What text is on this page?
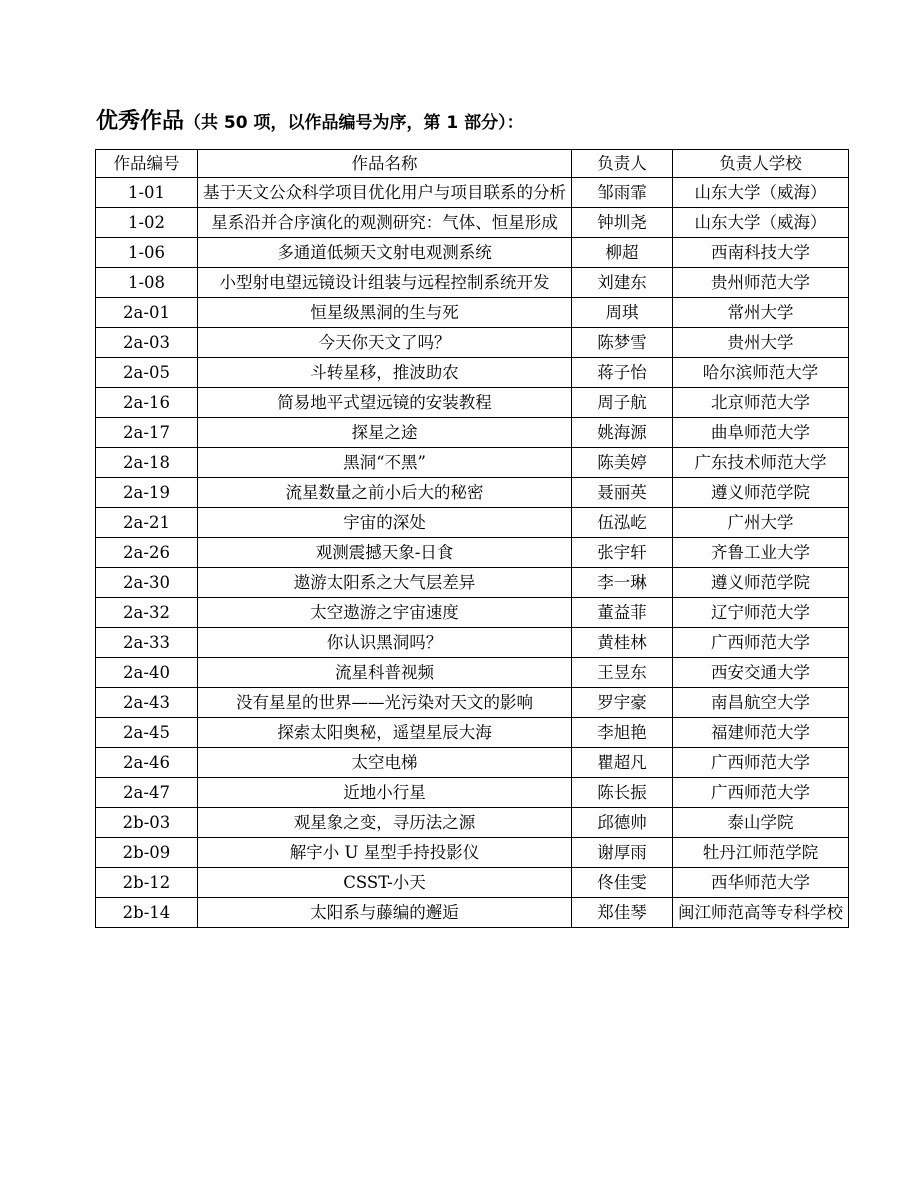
优秀作品（共 50 项，以作品编号为序，第 1 部分）：
作品编号	作品名称	负责人	负责人学校
1-01	基于天文公众科学项目优化用户与项目联系的分析	邹雨霏	山东大学（威海）
1-02	星系沿并合序演化的观测研究：气体、恒星形成	钟圳尧	山东大学（威海）
1-06	多通道低频天文射电观测系统	柳超	西南科技大学
1-08	小型射电望远镜设计组装与远程控制系统开发	刘建东	贵州师范大学
2a-01	恒星级黑洞的生与死	周琪	常州大学
2a-03	今天你天文了吗？	陈梦雪	贵州大学
2a-05	斗转星移，推波助农	蒋子怡	哈尔滨师范大学
2a-16	简易地平式望远镜的安装教程	周子航	北京师范大学
2a-17	探星之途	姚海源	曲阜师范大学
2a-18	黑洞“不黑”	陈美婷	广东技术师范大学
2a-19	流星数量之前小后大的秘密	聂丽英	遵义师范学院
2a-21	宇宙的深处	伍泓屹	广州大学
2a-26	观测震撼天象-日食	张宇轩	齐鲁工业大学
2a-30	遨游太阳系之大气层差异	李一琳	遵义师范学院
2a-32	太空遨游之宇宙速度	董益菲	辽宁师范大学
2a-33	你认识黑洞吗？	黄桂林	广西师范大学
2a-40	流星科普视频	王昱东	西安交通大学
2a-43	没有星星的世界——光污染对天文的影响	罗宇豪	南昌航空大学
2a-45	探索太阳奥秘，遥望星辰大海	李旭艳	福建师范大学
2a-46	太空电梯	瞿超凡	广西师范大学
2a-47	近地小行星	陈长振	广西师范大学
2b-03	观星象之变，寻历法之源	邱德帅	泰山学院
2b-09	解宇小 U 星型手持投影仪	谢厚雨	牡丹江师范学院
2b-12	CSST-小天	佟佳雯	西华师范大学
2b-14	太阳系与藤编的邂逅	郑佳琴	闽江师范高等专科学校
